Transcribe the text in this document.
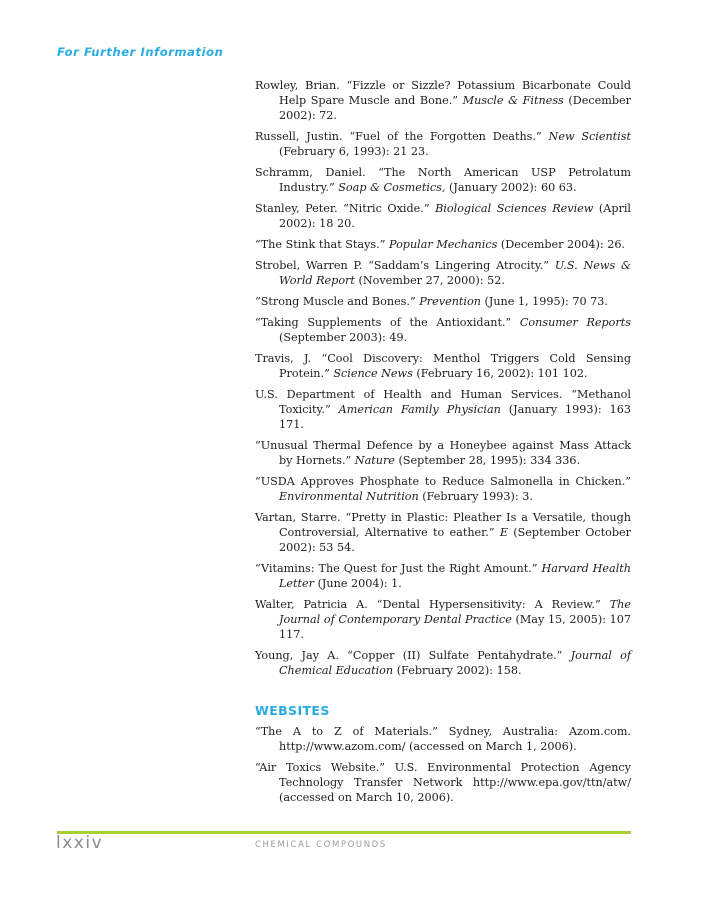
For Further Information

Rowley, Brian. “Fizzle or Sizzle? Potassium Bicarbonate Could Help Spare Muscle and Bone.” Muscle & Fitness (December 2002): 72.

Russell, Justin. “Fuel of the Forgotten Deaths.” New Scientist (February 6, 1993): 21 23.

Schramm, Daniel. “The North American USP Petrolatum Industry.” Soap & Cosmetics, (January 2002): 60 63.

Stanley, Peter. “Nitric Oxide.” Biological Sciences Review (April 2002): 18 20.

“The Stink that Stays.” Popular Mechanics (December 2004): 26.

Strobel, Warren P. “Saddam’s Lingering Atrocity.” U.S. News & World Report (November 27, 2000): 52.

“Strong Muscle and Bones.” Prevention (June 1, 1995): 70 73.

“Taking Supplements of the Antioxidant.” Consumer Reports (September 2003): 49.

Travis, J. “Cool Discovery: Menthol Triggers Cold Sensing Protein.” Science News (February 16, 2002): 101 102.

U.S. Department of Health and Human Services. “Methanol Toxicity.” American Family Physician (January 1993): 163 171.

“Unusual Thermal Defence by a Honeybee against Mass Attack by Hornets.” Nature (September 28, 1995): 334 336.

“USDA Approves Phosphate to Reduce Salmonella in Chicken.” Environmental Nutrition (February 1993): 3.

Vartan, Starre. “Pretty in Plastic: Pleather Is a Versatile, though Controversial, Alternative to eather.” E (September October 2002): 53 54.

“Vitamins: The Quest for Just the Right Amount.” Harvard Health Letter (June 2004): 1.

Walter, Patricia A. “Dental Hypersensitivity: A Review.” The Journal of Contemporary Dental Practice (May 15, 2005): 107 117.

Young, Jay A. “Copper (II) Sulfate Pentahydrate.” Journal of Chemical Education (February 2002): 158.

WEBSITES

“The A to Z of Materials.” Sydney, Australia: Azom.com. http://www.azom.com/ (accessed on March 1, 2006).

“Air Toxics Website.” U.S. Environmental Protection Agency Technology Transfer Network http://www.epa.gov/ttn/atw/ (accessed on March 10, 2006).

lxxiv	CHEMICAL COMPOUNDS
